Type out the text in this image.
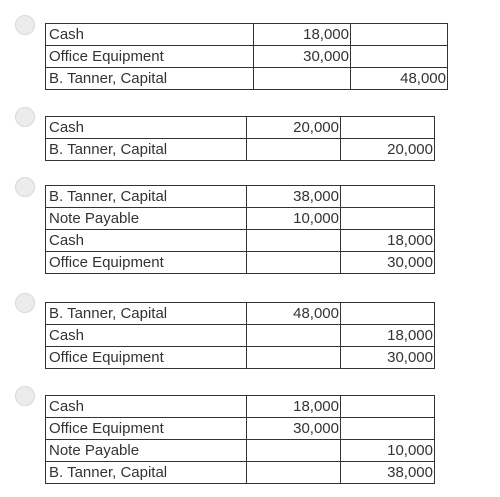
Cash	18,000	
Office Equipment	30,000	
B. Tanner, Capital		48,000
Cash	20,000	
B. Tanner, Capital		20,000
B. Tanner, Capital	38,000	
Note Payable	10,000	
Cash		18,000
Office Equipment		30,000
B. Tanner, Capital	48,000	
Cash		18,000
Office Equipment		30,000
Cash	18,000	
Office Equipment	30,000	
Note Payable		10,000
B. Tanner, Capital		38,000
